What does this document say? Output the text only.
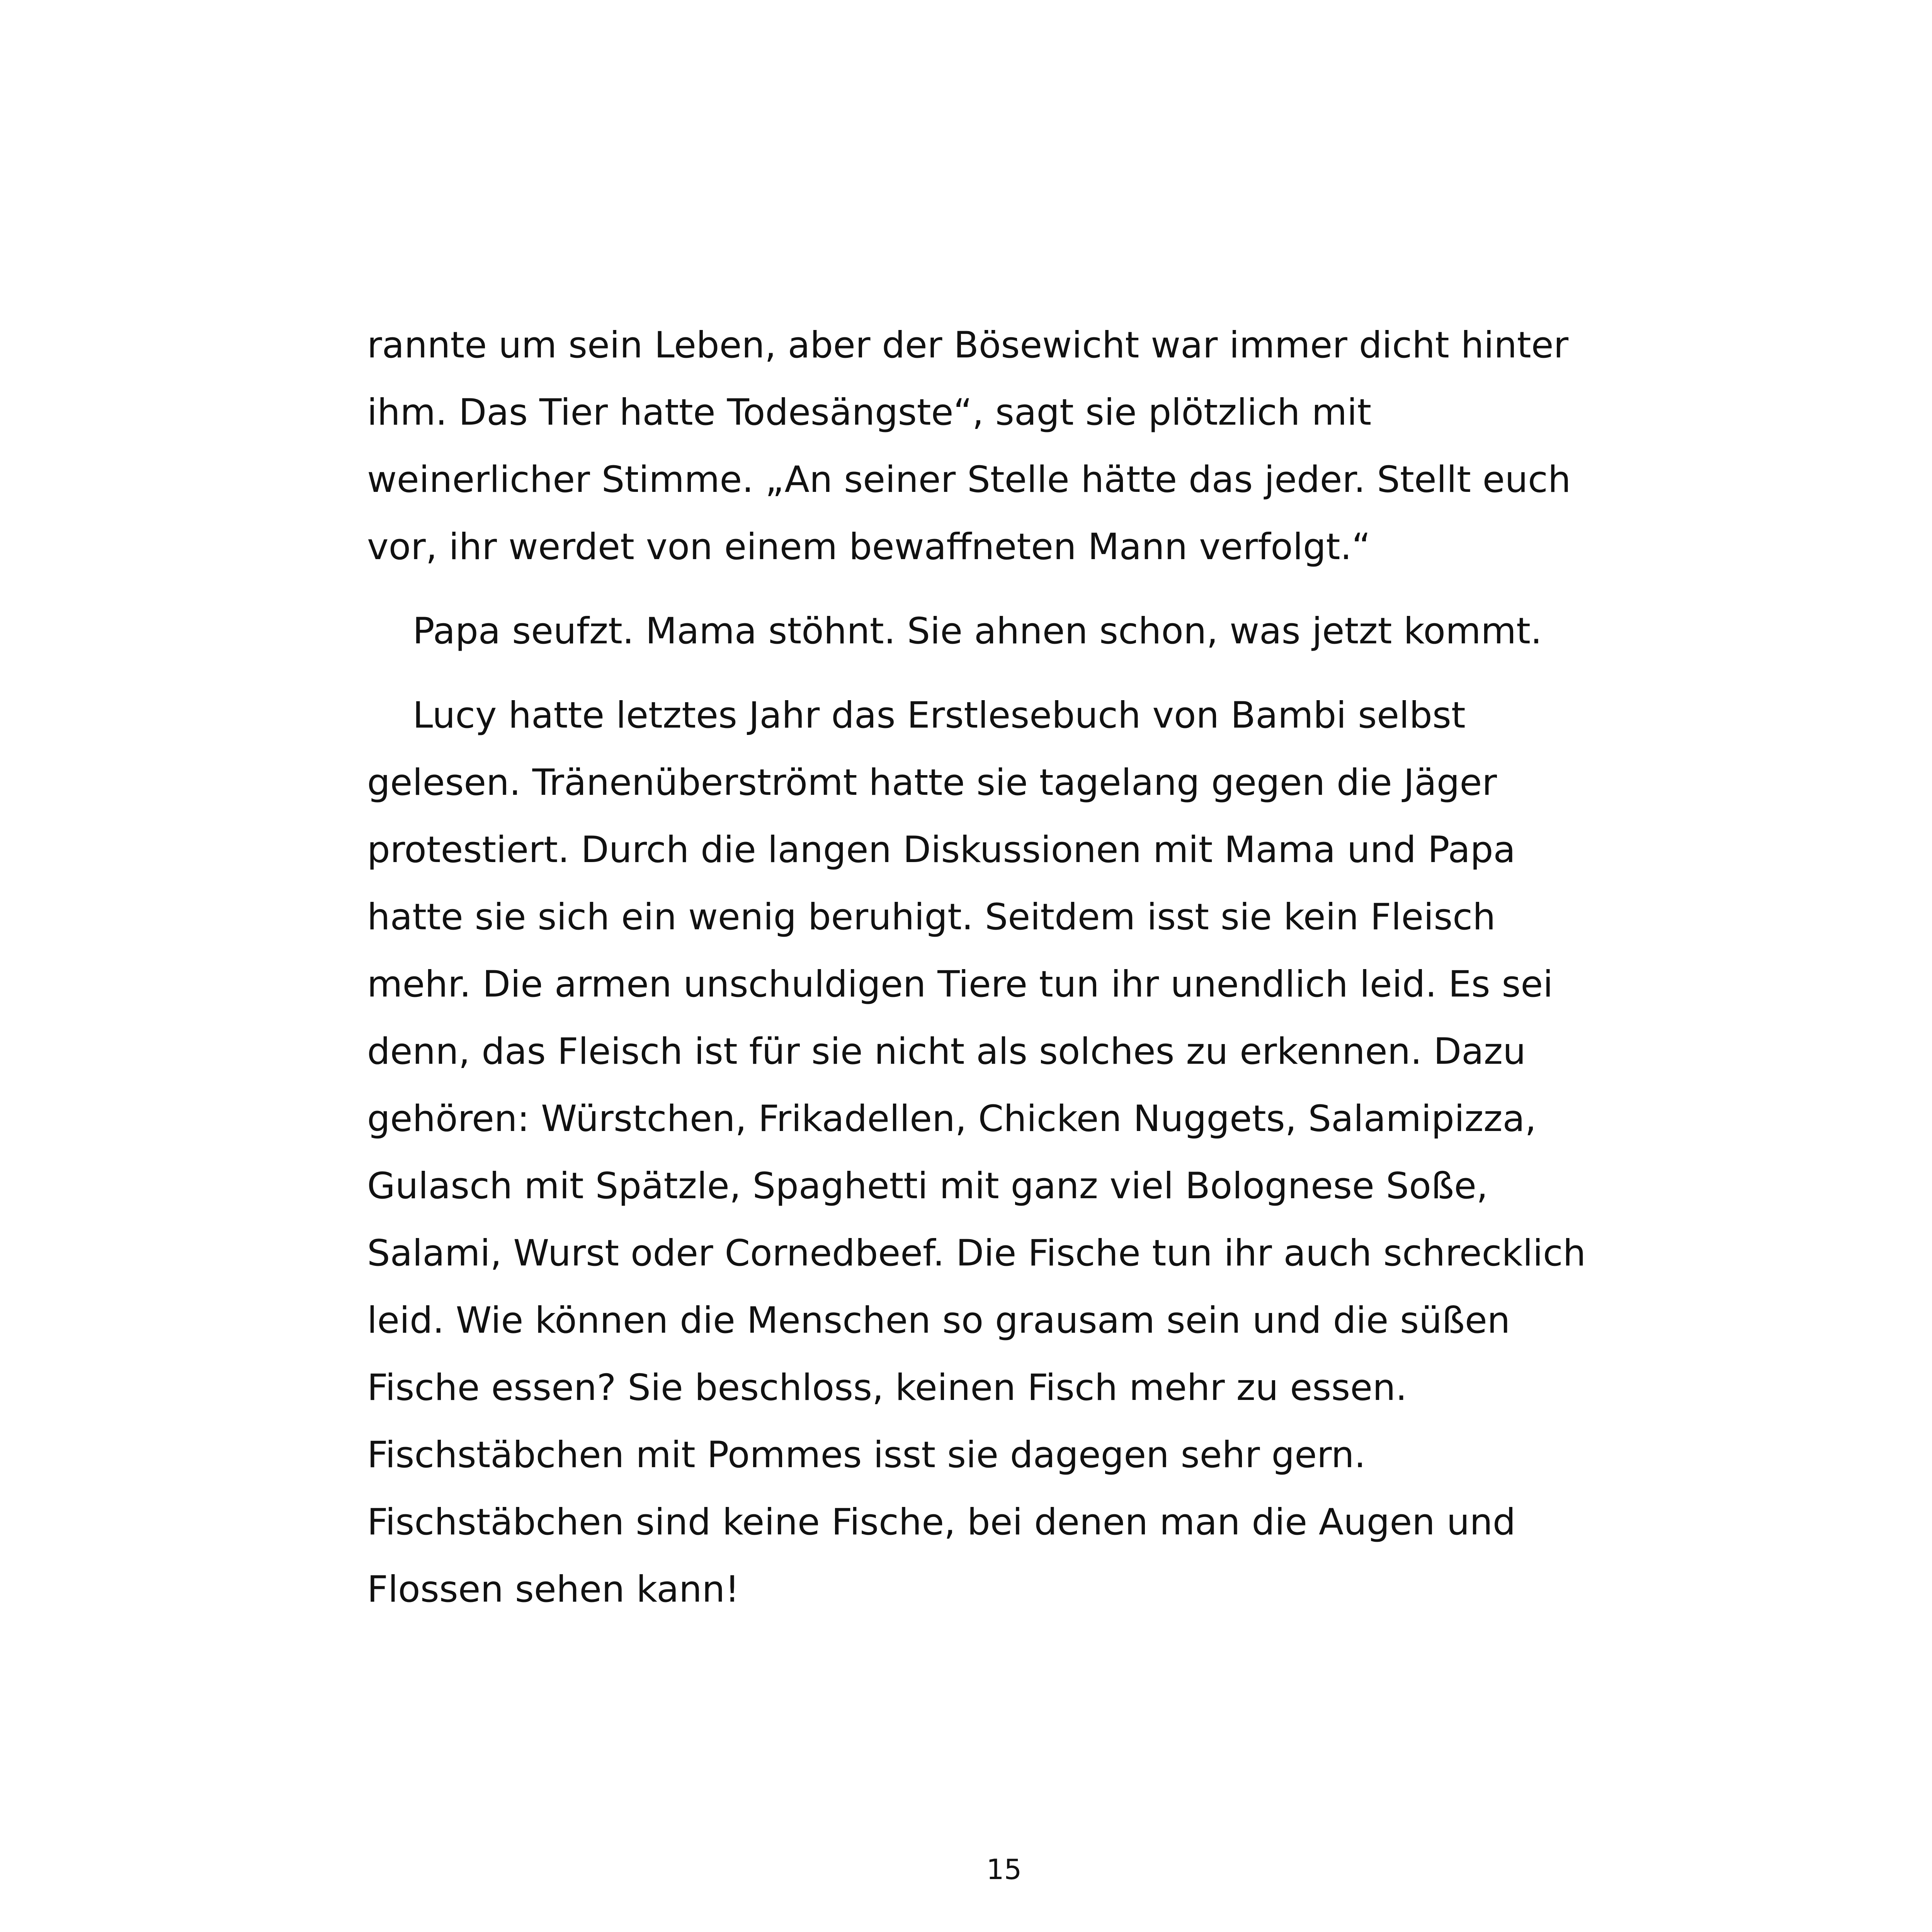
rannte um sein Leben, aber der Bösewicht war immer dicht hinter
ihm. Das Tier hatte Todesängste“, sagt sie plötzlich mit
weinerlicher Stimme. „An seiner Stelle hätte das jeder. Stellt euch
vor, ihr werdet von einem bewaffneten Mann verfolgt.“
Papa seufzt. Mama stöhnt. Sie ahnen schon, was jetzt kommt.
Lucy hatte letztes Jahr das Erstlesebuch von Bambi selbst
gelesen. Tränenüberströmt hatte sie tagelang gegen die Jäger
protestiert. Durch die langen Diskussionen mit Mama und Papa
hatte sie sich ein wenig beruhigt. Seitdem isst sie kein Fleisch
mehr. Die armen unschuldigen Tiere tun ihr unendlich leid. Es sei
denn, das Fleisch ist für sie nicht als solches zu erkennen. Dazu
gehören: Würstchen, Frikadellen, Chicken Nuggets, Salamipizza,
Gulasch mit Spätzle, Spaghetti mit ganz viel Bolognese Soße,
Salami, Wurst oder Cornedbeef. Die Fische tun ihr auch schrecklich
leid. Wie können die Menschen so grausam sein und die süßen
Fische essen? Sie beschloss, keinen Fisch mehr zu essen.
Fischstäbchen mit Pommes isst sie dagegen sehr gern.
Fischstäbchen sind keine Fische, bei denen man die Augen und
Flossen sehen kann!
15
